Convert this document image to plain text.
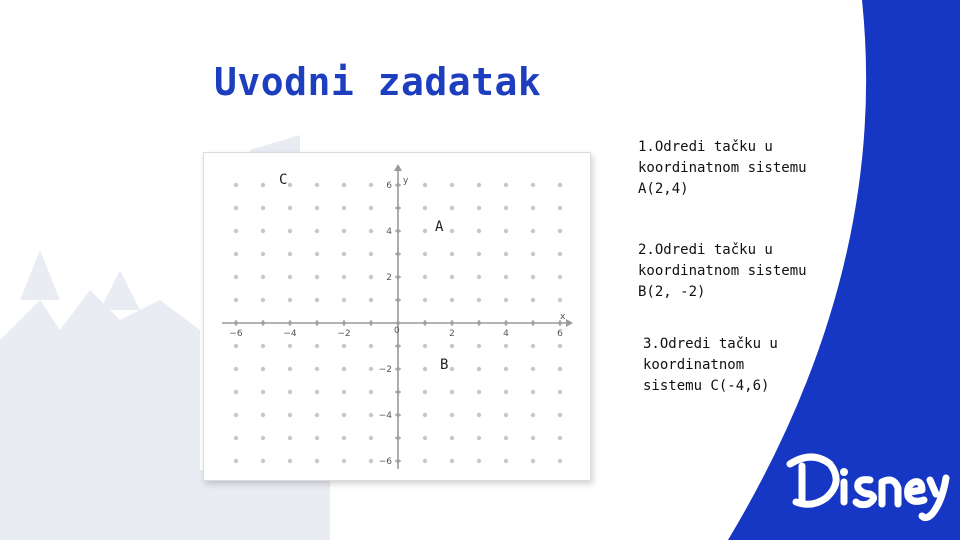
Uvodni zadatak
x
y
0
−6	−4	−2	2	4	6
6
4
2
−2
−4
−6
A
B
C

1.Odredi tačku u
koordinatnom sistemu
A(2,4)

2.Odredi tačku u
koordinatnom sistemu
B(2, -2)

3.Odredi tačku u
koordinatnom
sistemu C(-4,6)
